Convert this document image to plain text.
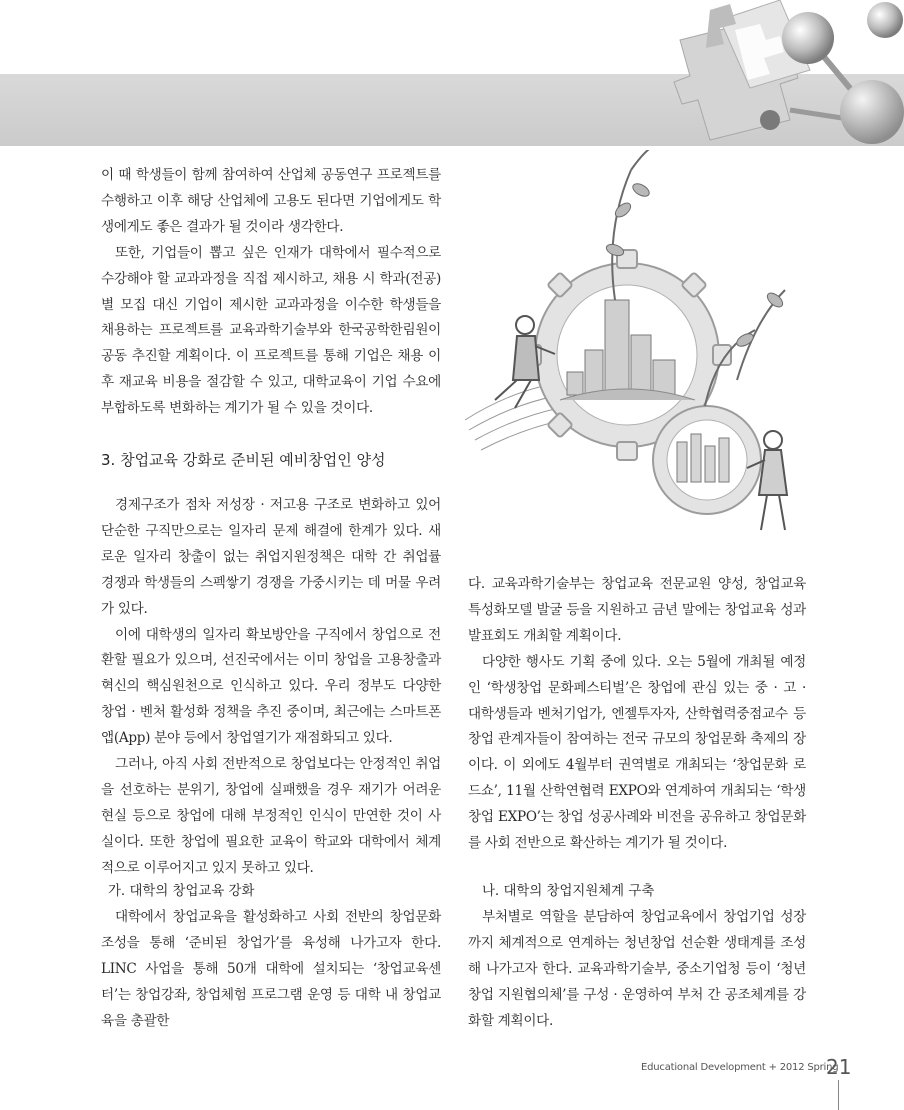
이 때 학생들이 함께 참여하여 산업체 공동연구 프로젝트를 수행하고 이후 해당 산업체에 고용도 된다면 기업에게도 학생에게도 좋은 결과가 될 것이라 생각한다.

또한, 기업들이 뽑고 싶은 인재가 대학에서 필수적으로 수강해야 할 교과과정을 직접 제시하고, 채용 시 학과(전공)별 모집 대신 기업이 제시한 교과과정을 이수한 학생들을 채용하는 프로젝트를 교육과학기술부와 한국공학한림원이 공동 추진할 계획이다. 이 프로젝트를 통해 기업은 채용 이후 재교육 비용을 절감할 수 있고, 대학교육이 기업 수요에 부합하도록 변화하는 계기가 될 수 있을 것이다.

3. 창업교육 강화로 준비된 예비창업인 양성

경제구조가 점차 저성장 · 저고용 구조로 변화하고 있어 단순한 구직만으로는 일자리 문제 해결에 한계가 있다. 새로운 일자리 창출이 없는 취업지원정책은 대학 간 취업률 경쟁과 학생들의 스펙쌓기 경쟁을 가중시키는 데 머물 우려가 있다.

이에 대학생의 일자리 확보방안을 구직에서 창업으로 전환할 필요가 있으며, 선진국에서는 이미 창업을 고용창출과 혁신의 핵심원천으로 인식하고 있다. 우리 정부도 다양한 창업 · 벤처 활성화 정책을 추진 중이며, 최근에는 스마트폰 앱(App) 분야 등에서 창업열기가 재점화되고 있다.

그러나, 아직 사회 전반적으로 창업보다는 안정적인 취업을 선호하는 분위기, 창업에 실패했을 경우 재기가 어려운 현실 등으로 창업에 대해 부정적인 인식이 만연한 것이 사실이다. 또한 창업에 필요한 교육이 학교와 대학에서 체계적으로 이루어지고 있지 못하고 있다.

가. 대학의 창업교육 강화

대학에서 창업교육을 활성화하고 사회 전반의 창업문화 조성을 통해 ‘준비된 창업가’를 육성해 나가고자 한다. LINC 사업을 통해 50개 대학에 설치되는 ‘창업교육센터’는 창업강좌, 창업체험 프로그램 운영 등 대학 내 창업교육을 총괄한

다. 교육과학기술부는 창업교육 전문교원 양성, 창업교육 특성화모델 발굴 등을 지원하고 금년 말에는 창업교육 성과발표회도 개최할 계획이다.

다양한 행사도 기획 중에 있다. 오는 5월에 개최될 예정인 ‘학생창업 문화페스티벌’은 창업에 관심 있는 중 · 고 · 대학생들과 벤처기업가, 엔젤투자자, 산학협력중점교수 등 창업 관계자들이 참여하는 전국 규모의 창업문화 축제의 장이다. 이 외에도 4월부터 권역별로 개최되는 ‘창업문화 로드쇼’, 11월 산학연협력 EXPO와 연계하여 개최되는 ‘학생창업 EXPO’는 창업 성공사례와 비전을 공유하고 창업문화를 사회 전반으로 확산하는 계기가 될 것이다.

나. 대학의 창업지원체계 구축

부처별로 역할을 분담하여 창업교육에서 창업기업 성장까지 체계적으로 연계하는 청년창업 선순환 생태계를 조성해 나가고자 한다. 교육과학기술부, 중소기업청 등이 ‘청년창업 지원협의체’를 구성 · 운영하여 부처 간 공조체계를 강화할 계획이다.

Educational Development + 2012 Spring
21
